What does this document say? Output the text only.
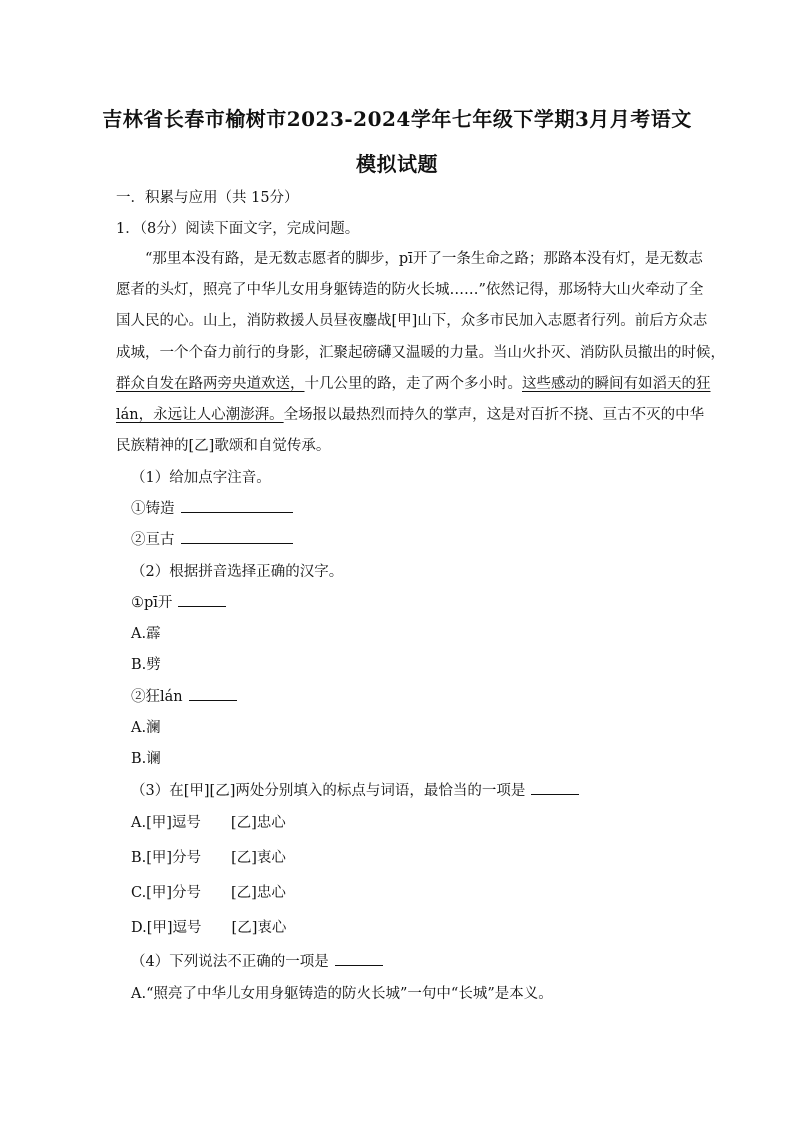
吉林省长春市榆树市2023-2024学年七年级下学期3月月考语文
模拟试题
一．积累与应用（共 15分）
1．（8分）阅读下面文字，完成问题。
“那里本没有路，是无数志愿者的脚步，pī开了一条生命之路；那路本没有灯，是无数志
愿者的头灯，照亮了中华儿女用身躯铸造的防火长城……”依然记得，那场特大山火牵动了全
国人民的心。山上，消防救援人员昼夜鏖战[甲]山下，众多市民加入志愿者行列。前后方众志
成城，一个个奋力前行的身影，汇聚起磅礴又温暖的力量。当山火扑灭、消防队员撤出的时候，
群众自发在路两旁央道欢送，十几公里的路，走了两个多小时。这些感动的瞬间有如滔天的狂
lán，永远让人心潮澎湃。全场报以最热烈而持久的掌声，这是对百折不挠、亘古不灭的中华
民族精神的[乙]歌颂和自觉传承。
（1）给加点字注音。
①铸造
②亘古
（2）根据拼音选择正确的汉字。
①pī开
A.霹
B.劈
②狂lán
A.澜
B.谰
（3）在[甲][乙]两处分别填入的标点与词语，最恰当的一项是
A.[甲]逗号 [乙]忠心
B.[甲]分号 [乙]衷心
C.[甲]分号 [乙]忠心
D.[甲]逗号 [乙]衷心
（4）下列说法不正确的一项是
A.“照亮了中华儿女用身躯铸造的防火长城”一句中“长城”是本义。
